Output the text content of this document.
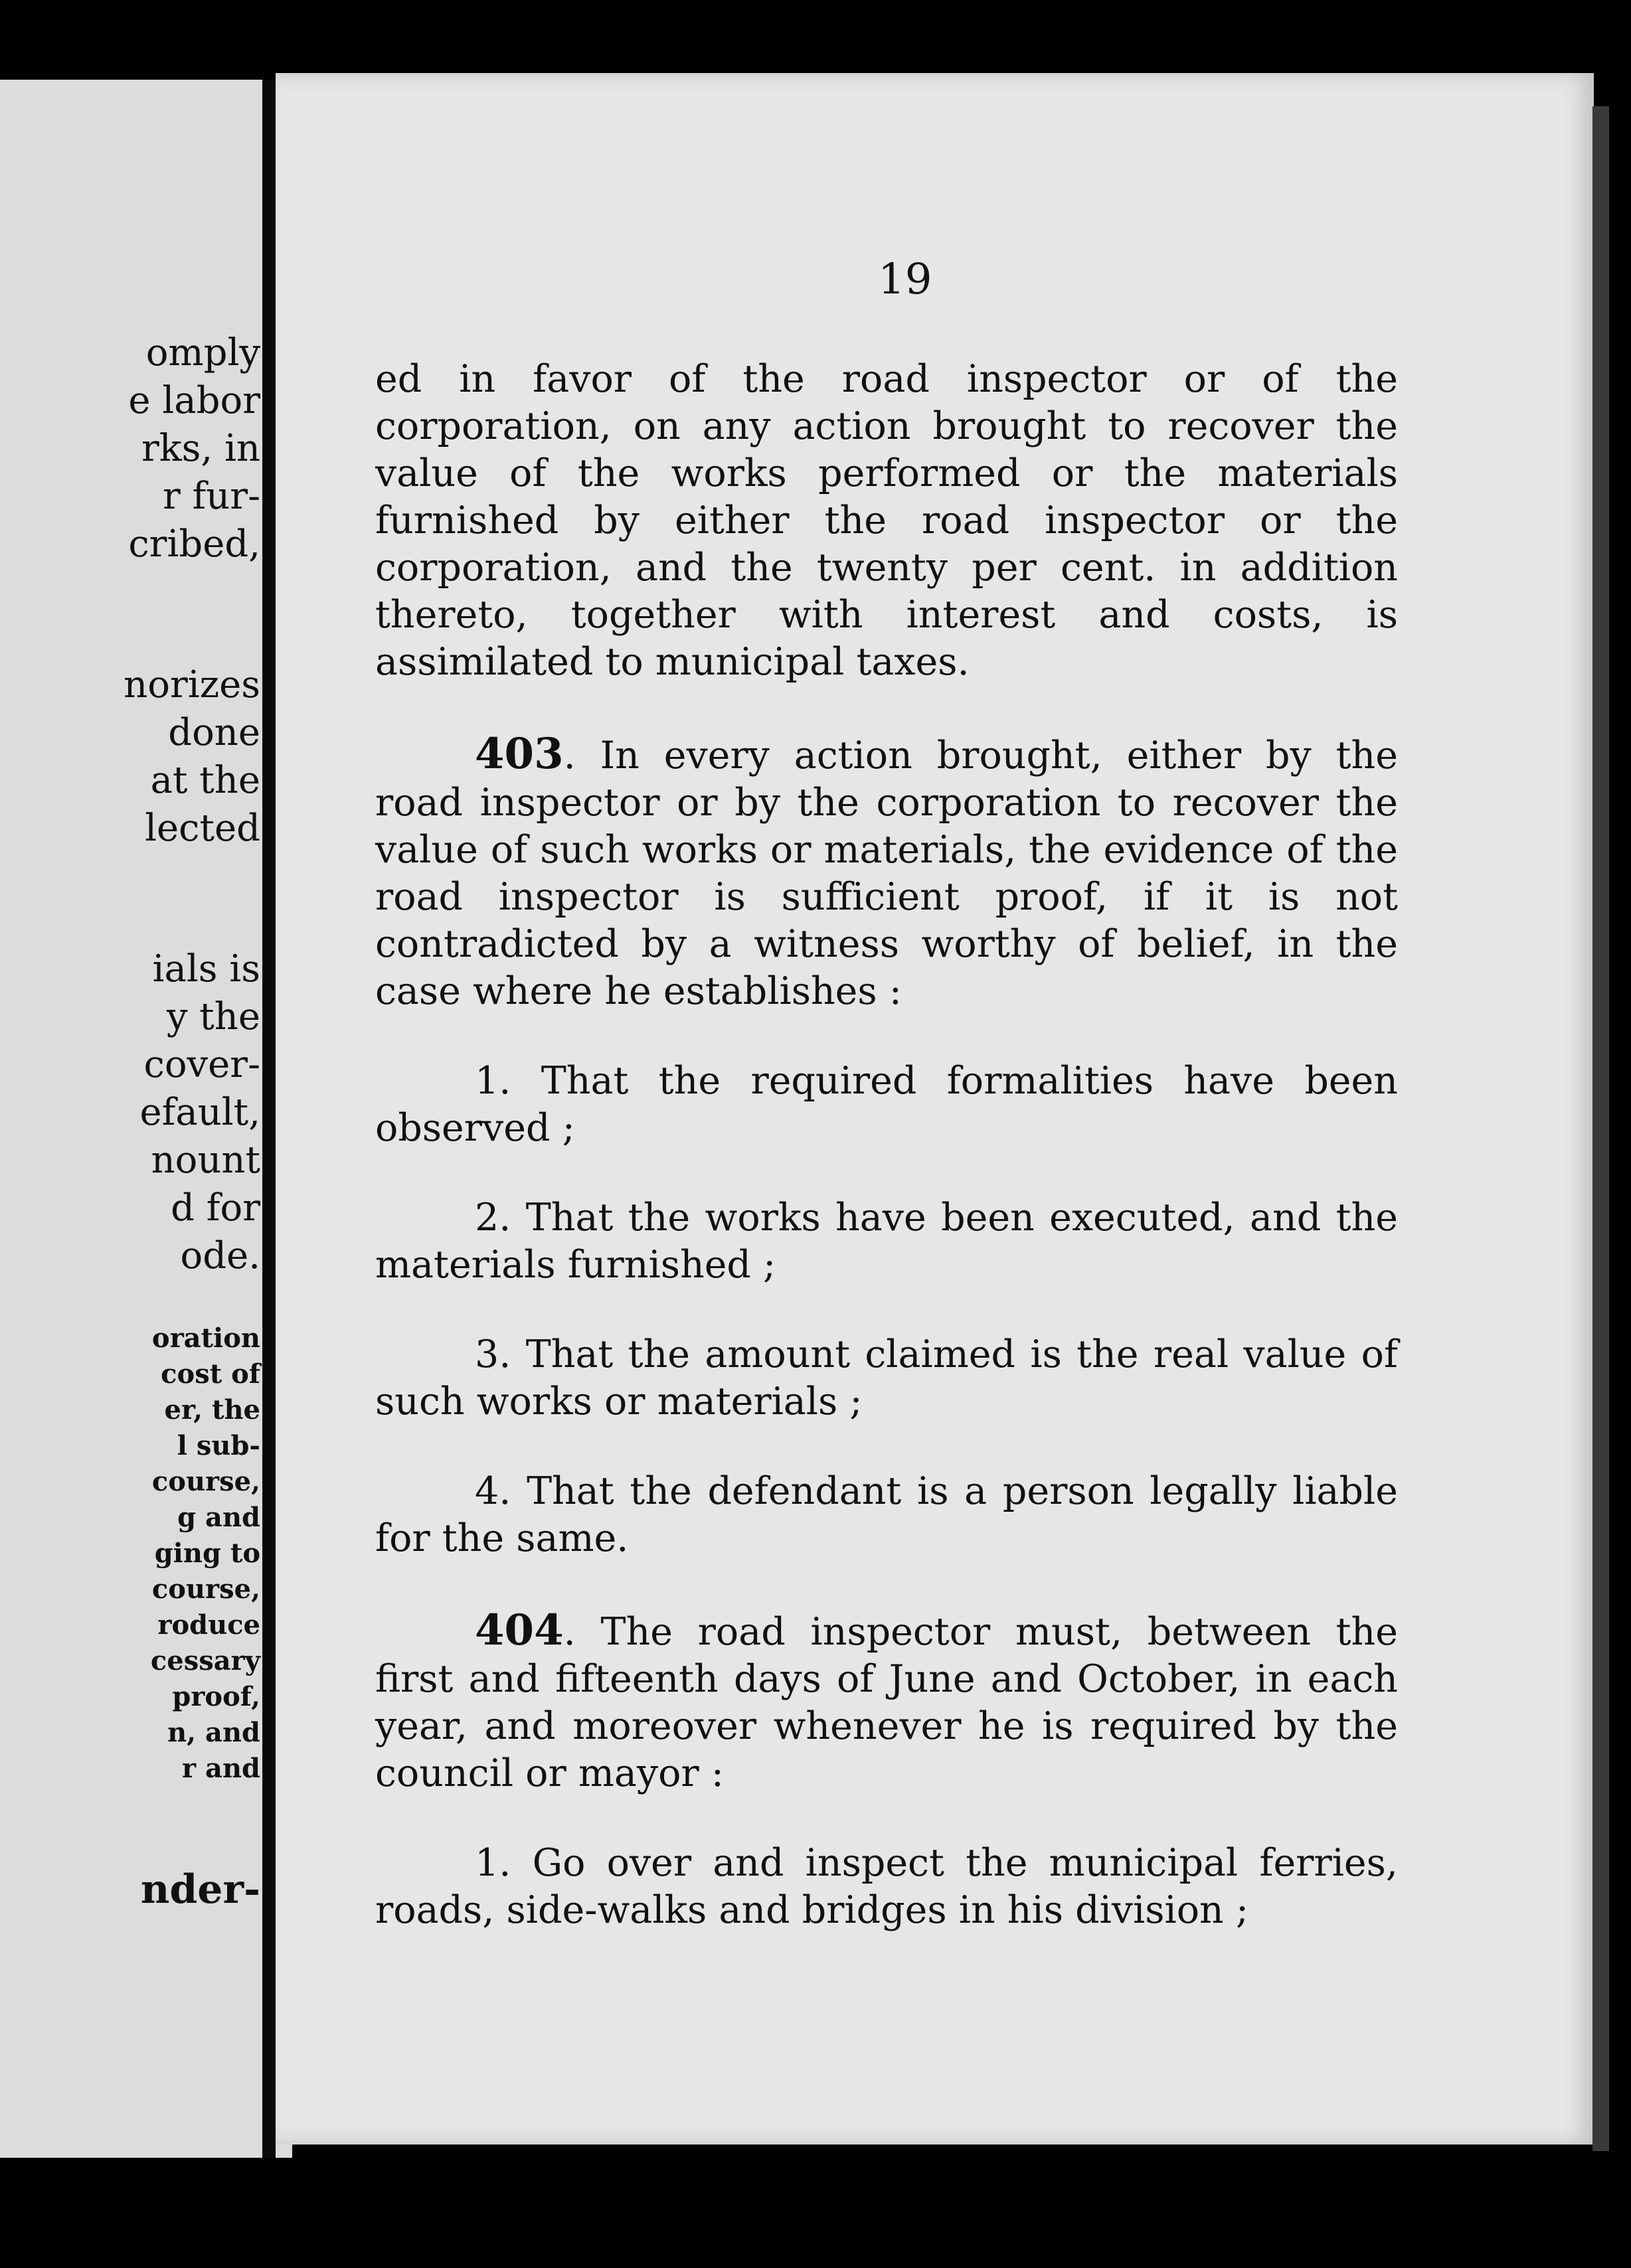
omply
e labor
rks, in
r fur-
cribed,
norizes
done
at the
lected
ials is
y the
cover-
efault,
nount
d for
ode.
oration
cost of
er, the
l sub-
course,
g and
ging to
course,
roduce
cessary
proof,
n, and
r and
nder-
19

ed in favor of the road inspector or of the corporation, on any action brought to recover the value of the works performed or the materials furnished by either the road inspector or the corporation, and the twenty per cent. in addition thereto, together with interest and costs, is assimilated to municipal taxes.

403. In every action brought, either by the road inspector or by the corporation to recover the value of such works or materials, the evidence of the road inspector is sufficient proof, if it is not contradicted by a witness worthy of belief, in the case where he establishes :

1. That the required formalities have been observed ;

2. That the works have been executed, and the materials furnished ;

3. That the amount claimed is the real value of such works or materials ;

4. That the defendant is a person legally liable for the same.

404. The road inspector must, between the first and fifteenth days of June and October, in each year, and moreover whenever he is required by the council or mayor :

1. Go over and inspect the municipal ferries, roads, side-walks and bridges in his division ;
